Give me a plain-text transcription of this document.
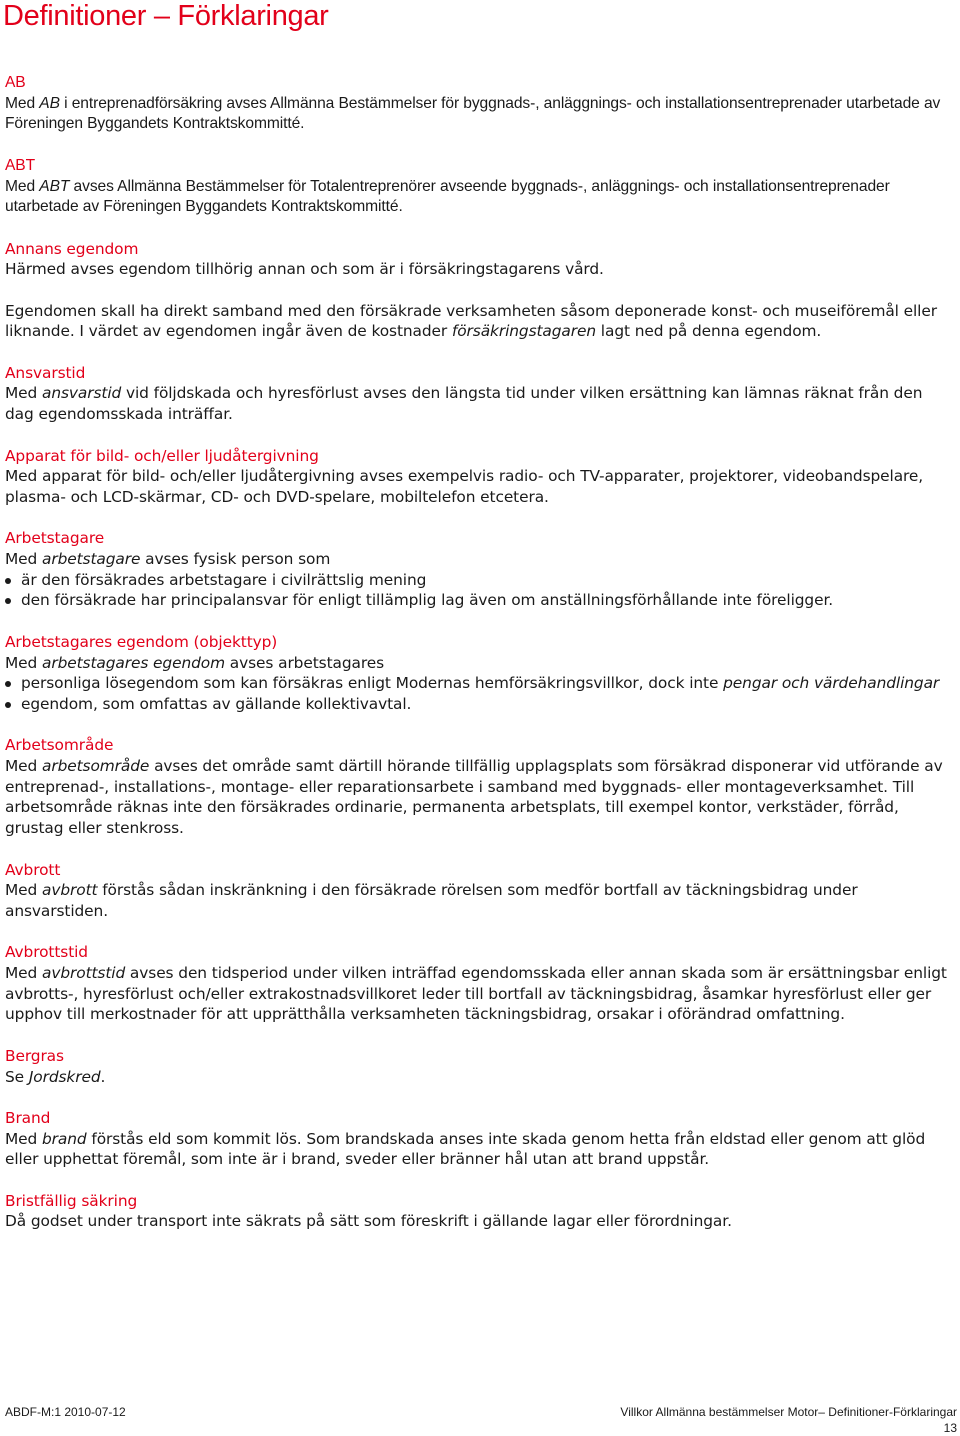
Definitioner – Förklaringar

AB

Med AB i entreprenadförsäkring avses Allmänna Bestämmelser för byggnads-, anläggnings- och installationsentreprenader utarbetade av Föreningen Byggandets Kontraktskommitté.

ABT

Med ABT avses Allmänna Bestämmelser för Totalentreprenörer avseende byggnads-, anläggnings- och installationsentreprenader utarbetade av Föreningen Byggandets Kontraktskommitté.

Annans egendom

Härmed avses egendom tillhörig annan och som är i försäkringstagarens vård.

Egendomen skall ha direkt samband med den försäkrade verksamheten såsom deponerade konst- och museiföremål eller liknande. I värdet av egendomen ingår även de kostnader försäkringstagaren lagt ned på denna egendom.

Ansvarstid

Med ansvarstid vid följdskada och hyresförlust avses den längsta tid under vilken ersättning kan lämnas räknat från den dag egendomsskada inträffar.

Apparat för bild- och/eller ljudåtergivning

Med apparat för bild- och/eller ljudåtergivning avses exempelvis radio- och TV-apparater, projektorer, videobandspelare, plasma- och LCD-skärmar, CD- och DVD-spelare, mobiltelefon etcetera.

Arbetstagare

Med arbetstagare avses fysisk person som

är den försäkrades arbetstagare i civilrättslig mening
den försäkrade har principalansvar för enligt tillämplig lag även om anställningsförhållande inte föreligger.

Arbetstagares egendom (objekttyp)

Med arbetstagares egendom avses arbetstagares

personliga lösegendom som kan försäkras enligt Modernas hemförsäkringsvillkor, dock inte pengar och värdehandlingar
egendom, som omfattas av gällande kollektivavtal.

Arbetsområde

Med arbetsområde avses det område samt därtill hörande tillfällig upplagsplats som försäkrad disponerar vid utförande av entreprenad-, installations-, montage- eller reparationsarbete i samband med byggnads- eller montageverksamhet. Till arbetsområde räknas inte den försäkrades ordinarie, permanenta arbetsplats, till exempel kontor, verkstäder, förråd, grustag eller stenkross.

Avbrott

Med avbrott förstås sådan inskränkning i den försäkrade rörelsen som medför bortfall av täckningsbidrag under ansvarstiden.

Avbrottstid

Med avbrottstid avses den tidsperiod under vilken inträffad egendomsskada eller annan skada som är ersättningsbar enligt avbrotts-, hyresförlust och/eller extrakostnadsvillkoret leder till bortfall av täckningsbidrag, åsamkar hyresförlust eller ger upphov till merkostnader för att upprätthålla verksamheten täckningsbidrag, orsakar i oförändrad omfattning.

Bergras

Se Jordskred.

Brand

Med brand förstås eld som kommit lös. Som brandskada anses inte skada genom hetta från eldstad eller genom att glöd eller upphettat föremål, som inte är i brand, sveder eller bränner hål utan att brand uppstår.

Bristfällig säkring

Då godset under transport inte säkrats på sätt som föreskrift i gällande lagar eller förordningar.

ABDF-M:1 2010-07-12	Villkor Allmänna bestämmelser Motor– Definitioner-Förklaringar
13
